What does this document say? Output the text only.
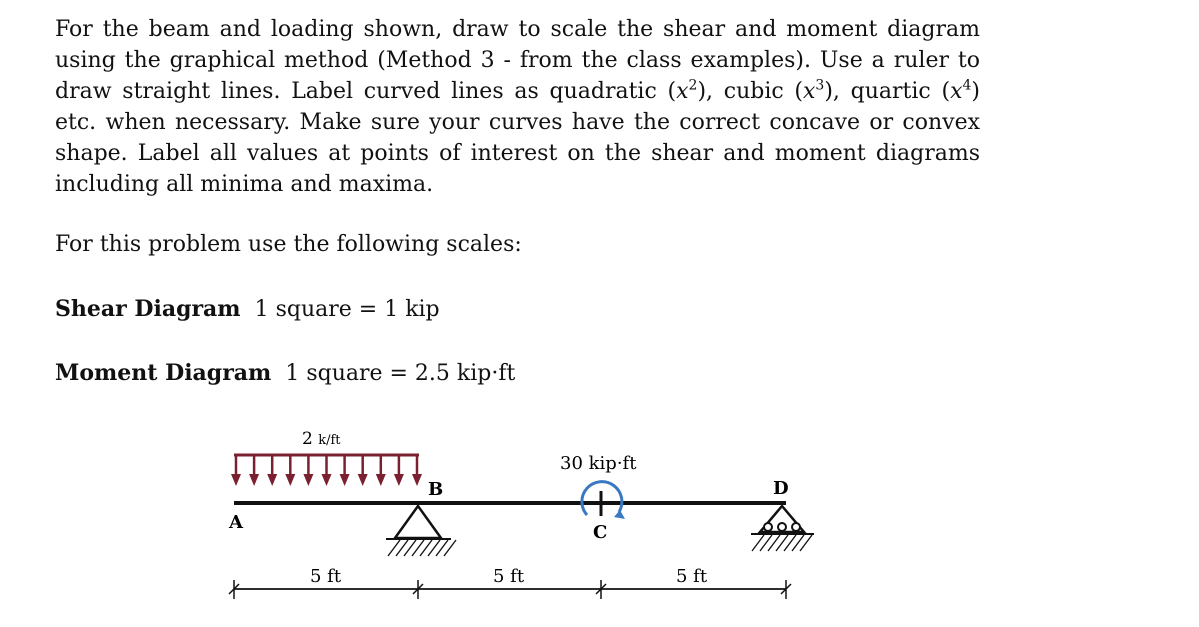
For the beam and loading shown, draw to scale the shear and moment diagram using the graphical method (Method 3 - from the class examples). Use a ruler to draw straight lines. Label curved lines as quadratic $(x^2)$, cubic $(x^3)$, quartic $(x^4)$ etc. when necessary. Make sure your curves have the correct concave or convex shape. Label all values at points of interest on the shear and moment diagrams including all minima and maxima.

For this problem use the following scales:

Shear Diagram 1 square = 1 kip

Moment Diagram 1 square = 2.5 kip·ft

2 k/ft
30 kip·ft
A
B
C
D
5 ft	5 ft	5 ft
